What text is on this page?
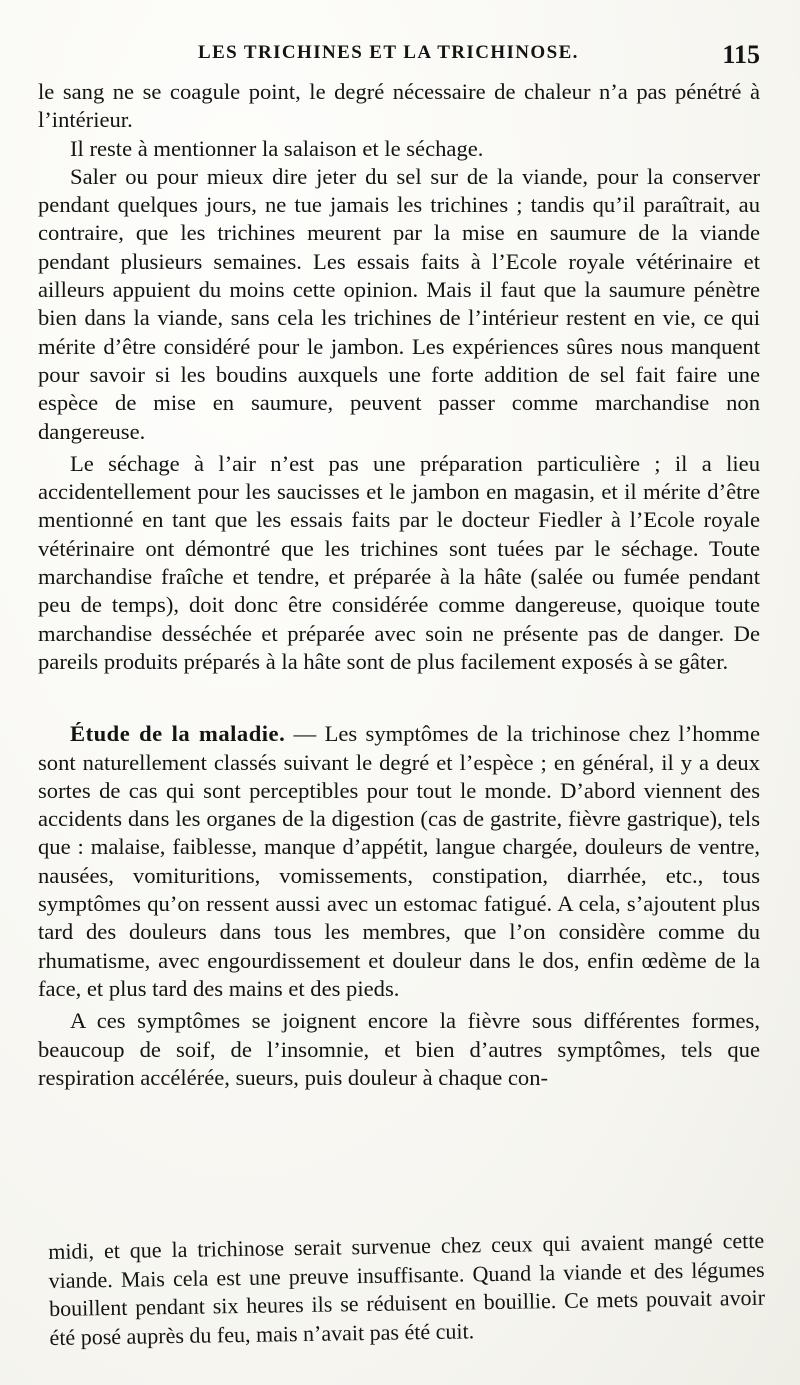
LES TRICHINES ET LA TRICHINOSE.	115

le sang ne se coagule point, le degré nécessaire de chaleur n’a pas pénétré à l’intérieur.

Il reste à mentionner la salaison et le séchage.

Saler ou pour mieux dire jeter du sel sur de la viande, pour la conserver pendant quelques jours, ne tue jamais les trichines ; tandis qu’il paraîtrait, au contraire, que les trichines meurent par la mise en saumure de la viande pendant plusieurs semaines. Les essais faits à l’Ecole royale vétérinaire et ailleurs appuient du moins cette opinion. Mais il faut que la saumure pénètre bien dans la viande, sans cela les trichines de l’intérieur restent en vie, ce qui mérite d’être considéré pour le jambon. Les expériences sûres nous manquent pour savoir si les boudins auxquels une forte addition de sel fait faire une espèce de mise en saumure, peuvent passer comme marchandise non dangereuse.

Le séchage à l’air n’est pas une préparation particulière ; il a lieu accidentellement pour les saucisses et le jambon en magasin, et il mérite d’être mentionné en tant que les essais faits par le docteur Fiedler à l’Ecole royale vétérinaire ont démontré que les trichines sont tuées par le séchage. Toute marchandise fraîche et tendre, et préparée à la hâte (salée ou fumée pendant peu de temps), doit donc être considérée comme dangereuse, quoique toute marchandise desséchée et préparée avec soin ne présente pas de danger. De pareils produits préparés à la hâte sont de plus facilement exposés à se gâter.

Étude de la maladie. — Les symptômes de la trichinose chez l’homme sont naturellement classés suivant le degré et l’espèce ; en général, il y a deux sortes de cas qui sont perceptibles pour tout le monde. D’abord viennent des accidents dans les organes de la digestion (cas de gastrite, fièvre gastrique), tels que : malaise, faiblesse, manque d’appétit, langue chargée, douleurs de ventre, nausées, vomituritions, vomissements, constipation, diarrhée, etc., tous symptômes qu’on ressent aussi avec un estomac fatigué. A cela, s’ajoutent plus tard des douleurs dans tous les membres, que l’on considère comme du rhumatisme, avec engourdissement et douleur dans le dos, enfin œdème de la face, et plus tard des mains et des pieds.

A ces symptômes se joignent encore la fièvre sous différentes formes, beaucoup de soif, de l’insomnie, et bien d’autres symptômes, tels que respiration accélérée, sueurs, puis douleur à chaque con-

midi, et que la trichinose serait survenue chez ceux qui avaient mangé cette viande. Mais cela est une preuve insuffisante. Quand la viande et des légumes bouillent pendant six heures ils se réduisent en bouillie. Ce mets pouvait avoir été posé auprès du feu, mais n’avait pas été cuit.
